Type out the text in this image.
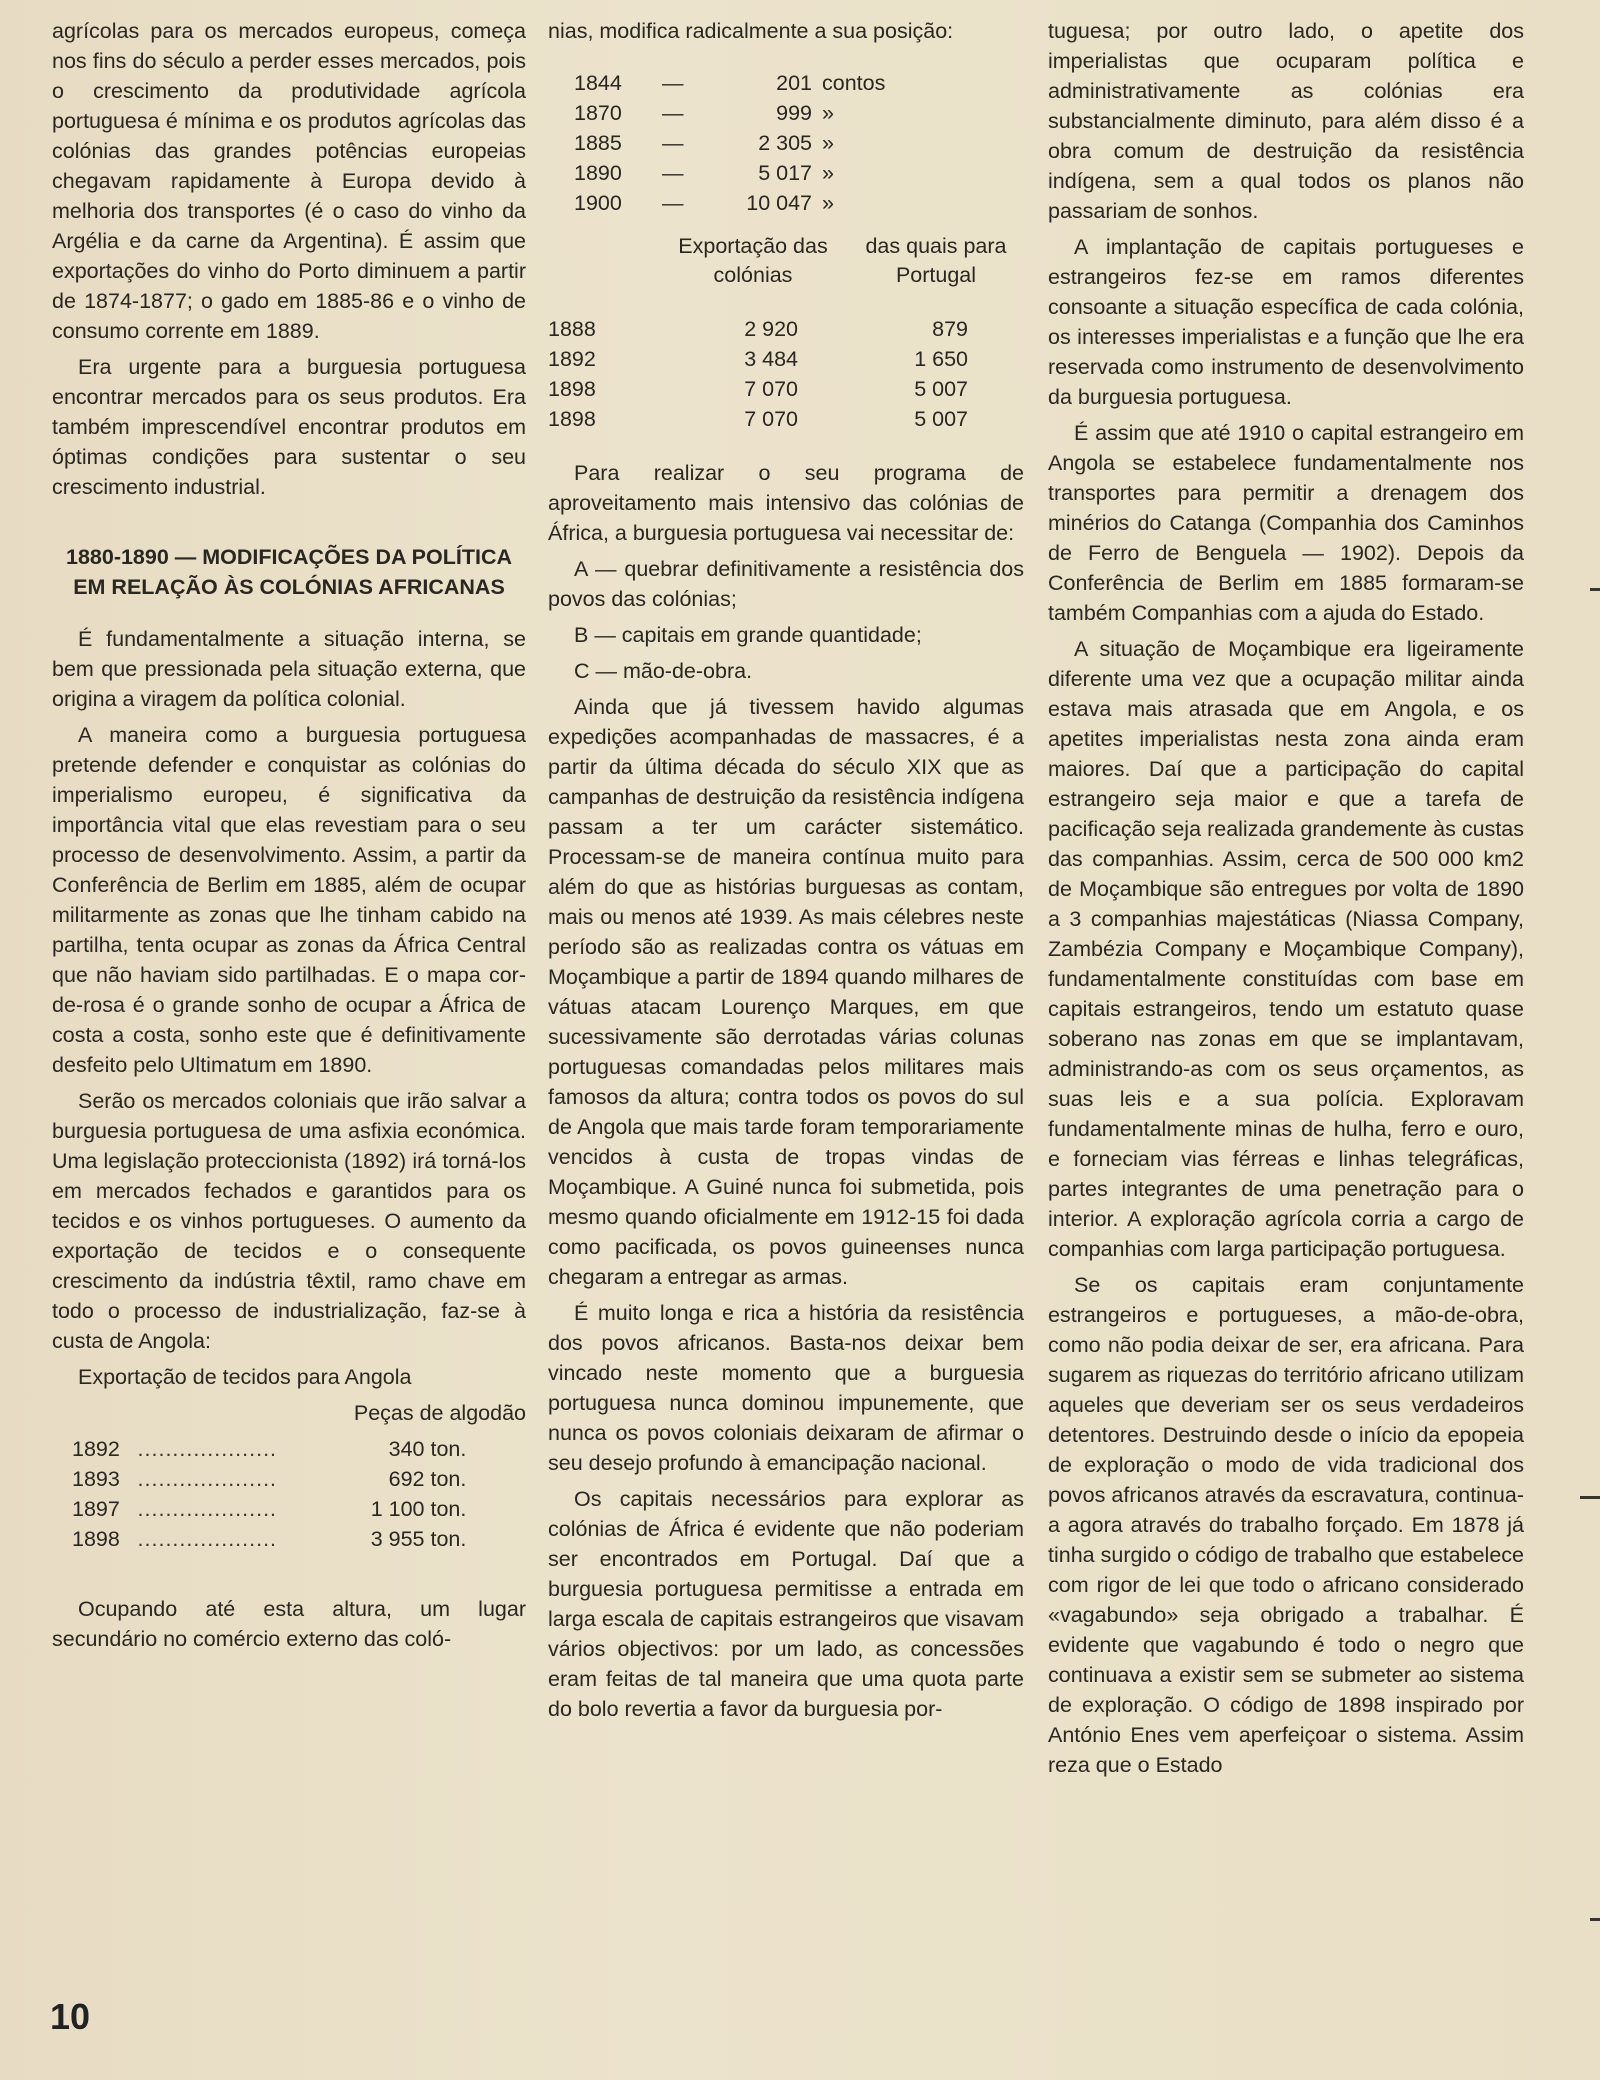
agrícolas para os mercados europeus, começa nos fins do século a perder esses mercados, pois o crescimento da produtividade agrícola portuguesa é mínima e os produtos agrícolas das colónias das grandes potências europeias chegavam rapidamente à Europa devido à melhoria dos transportes (é o caso do vinho da Argélia e da carne da Argentina). É assim que exportações do vinho do Porto diminuem a partir de 1874-1877; o gado em 1885-86 e o vinho de consumo corrente em 1889.

Era urgente para a burguesia portuguesa encontrar mercados para os seus produtos. Era também imprescendível encontrar produtos em óptimas condições para sustentar o seu crescimento industrial.

1880-1890 — MODIFICAÇÕES DA POLÍTICA EM RELAÇÃO ÀS COLÓNIAS AFRICANAS

É fundamentalmente a situação interna, se bem que pressionada pela situação externa, que origina a viragem da política colonial.

A maneira como a burguesia portuguesa pretende defender e conquistar as colónias do imperialismo europeu, é significativa da importância vital que elas revestiam para o seu processo de desenvolvimento. Assim, a partir da Conferência de Berlim em 1885, além de ocupar militarmente as zonas que lhe tinham cabido na partilha, tenta ocupar as zonas da África Central que não haviam sido partilhadas. E o mapa cor-de-rosa é o grande sonho de ocupar a África de costa a costa, sonho este que é definitivamente desfeito pelo Ultimatum em 1890.

Serão os mercados coloniais que irão salvar a burguesia portuguesa de uma asfixia económica. Uma legislação proteccionista (1892) irá torná-los em mercados fechados e garantidos para os tecidos e os vinhos portugueses. O aumento da exportação de tecidos e o consequente crescimento da indústria têxtil, ramo chave em todo o processo de industrialização, faz-se à custa de Angola:

Exportação de tecidos para Angola

Peças de algodão

1892	....................	340	ton.
1893	....................	692	ton.
1897	....................	1 100	ton.
1898	....................	3 955	ton.

Ocupando até esta altura, um lugar secundário no comércio externo das coló-

nias, modifica radicalmente a sua posição:

1844	—	201	contos
1870	—	999	»
1885	—	2 305	»
1890	—	5 017	»
1900	—	10 047	»
	Exportação das colónias	das quais para Portugal
1888	2 920	879
1892	3 484	1 650
1898	7 070	5 007
1898	7 070	5 007

Para realizar o seu programa de aproveitamento mais intensivo das colónias de África, a burguesia portuguesa vai necessitar de:

A — quebrar definitivamente a resistência dos povos das colónias;

B — capitais em grande quantidade;

C — mão-de-obra.

Ainda que já tivessem havido algumas expedições acompanhadas de massacres, é a partir da última década do século XIX que as campanhas de destruição da resistência indígena passam a ter um carácter sistemático. Processam-se de maneira contínua muito para além do que as histórias burguesas as contam, mais ou menos até 1939. As mais célebres neste período são as realizadas contra os vátuas em Moçambique a partir de 1894 quando milhares de vátuas atacam Lourenço Marques, em que sucessivamente são derrotadas várias colunas portuguesas comandadas pelos militares mais famosos da altura; contra todos os povos do sul de Angola que mais tarde foram temporariamente vencidos à custa de tropas vindas de Moçambique. A Guiné nunca foi submetida, pois mesmo quando oficialmente em 1912-15 foi dada como pacificada, os povos guineenses nunca chegaram a entregar as armas.

É muito longa e rica a história da resistência dos povos africanos. Basta-nos deixar bem vincado neste momento que a burguesia portuguesa nunca dominou impunemente, que nunca os povos coloniais deixaram de afirmar o seu desejo profundo à emancipação nacional.

Os capitais necessários para explorar as colónias de África é evidente que não poderiam ser encontrados em Portugal. Daí que a burguesia portuguesa permitisse a entrada em larga escala de capitais estrangeiros que visavam vários objectivos: por um lado, as concessões eram feitas de tal maneira que uma quota parte do bolo revertia a favor da burguesia por-

tuguesa; por outro lado, o apetite dos imperialistas que ocuparam política e administrativamente as colónias era substancialmente diminuto, para além disso é a obra comum de destruição da resistência indígena, sem a qual todos os planos não passariam de sonhos.

A implantação de capitais portugueses e estrangeiros fez-se em ramos diferentes consoante a situação específica de cada colónia, os interesses imperialistas e a função que lhe era reservada como instrumento de desenvolvimento da burguesia portuguesa.

É assim que até 1910 o capital estrangeiro em Angola se estabelece fundamentalmente nos transportes para permitir a drenagem dos minérios do Catanga (Companhia dos Caminhos de Ferro de Benguela — 1902). Depois da Conferência de Berlim em 1885 formaram-se também Companhias com a ajuda do Estado.

A situação de Moçambique era ligeiramente diferente uma vez que a ocupação militar ainda estava mais atrasada que em Angola, e os apetites imperialistas nesta zona ainda eram maiores. Daí que a participação do capital estrangeiro seja maior e que a tarefa de pacificação seja realizada grandemente às custas das companhias. Assim, cerca de 500 000 km2 de Moçambique são entregues por volta de 1890 a 3 companhias majestáticas (Niassa Company, Zambézia Company e Moçambique Company), fundamentalmente constituídas com base em capitais estrangeiros, tendo um estatuto quase soberano nas zonas em que se implantavam, administrando-as com os seus orçamentos, as suas leis e a sua polícia. Exploravam fundamentalmente minas de hulha, ferro e ouro, e forneciam vias férreas e linhas telegráficas, partes integrantes de uma penetração para o interior. A exploração agrícola corria a cargo de companhias com larga participação portuguesa.

Se os capitais eram conjuntamente estrangeiros e portugueses, a mão-de-obra, como não podia deixar de ser, era africana. Para sugarem as riquezas do território africano utilizam aqueles que deveriam ser os seus verdadeiros detentores. Destruindo desde o início da epopeia de exploração o modo de vida tradicional dos povos africanos através da escravatura, continua-a agora através do trabalho forçado. Em 1878 já tinha surgido o código de trabalho que estabelece com rigor de lei que todo o africano considerado «vagabundo» seja obrigado a trabalhar. É evidente que vagabundo é todo o negro que continuava a existir sem se submeter ao sistema de exploração. O código de 1898 inspirado por António Enes vem aperfeiçoar o sistema. Assim reza que o Estado

10
